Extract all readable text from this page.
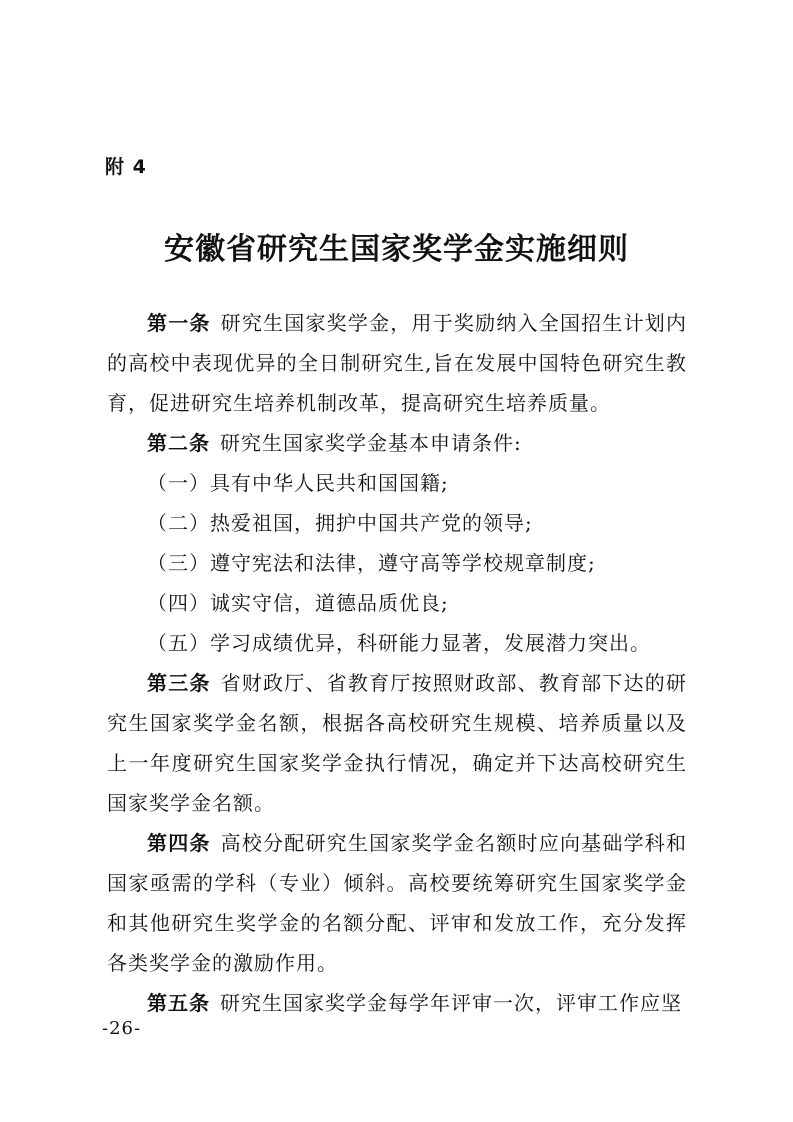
附 4
安徽省研究生国家奖学金实施细则

第一条 研究生国家奖学金，用于奖励纳入全国招生计划内的高校中表现优异的全日制研究生,旨在发展中国特色研究生教育，促进研究生培养机制改革，提高研究生培养质量。

第二条 研究生国家奖学金基本申请条件:

（一）具有中华人民共和国国籍;

（二）热爱祖国，拥护中国共产党的领导;

（三）遵守宪法和法律，遵守高等学校规章制度;

（四）诚实守信，道德品质优良;

（五）学习成绩优异，科研能力显著，发展潜力突出。

第三条 省财政厅、省教育厅按照财政部、教育部下达的研究生国家奖学金名额，根据各高校研究生规模、培养质量以及上一年度研究生国家奖学金执行情况，确定并下达高校研究生国家奖学金名额。

第四条 高校分配研究生国家奖学金名额时应向基础学科和国家亟需的学科（专业）倾斜。高校要统筹研究生国家奖学金和其他研究生奖学金的名额分配、评审和发放工作，充分发挥各类奖学金的激励作用。

第五条 研究生国家奖学金每学年评审一次，评审工作应坚

-26-
